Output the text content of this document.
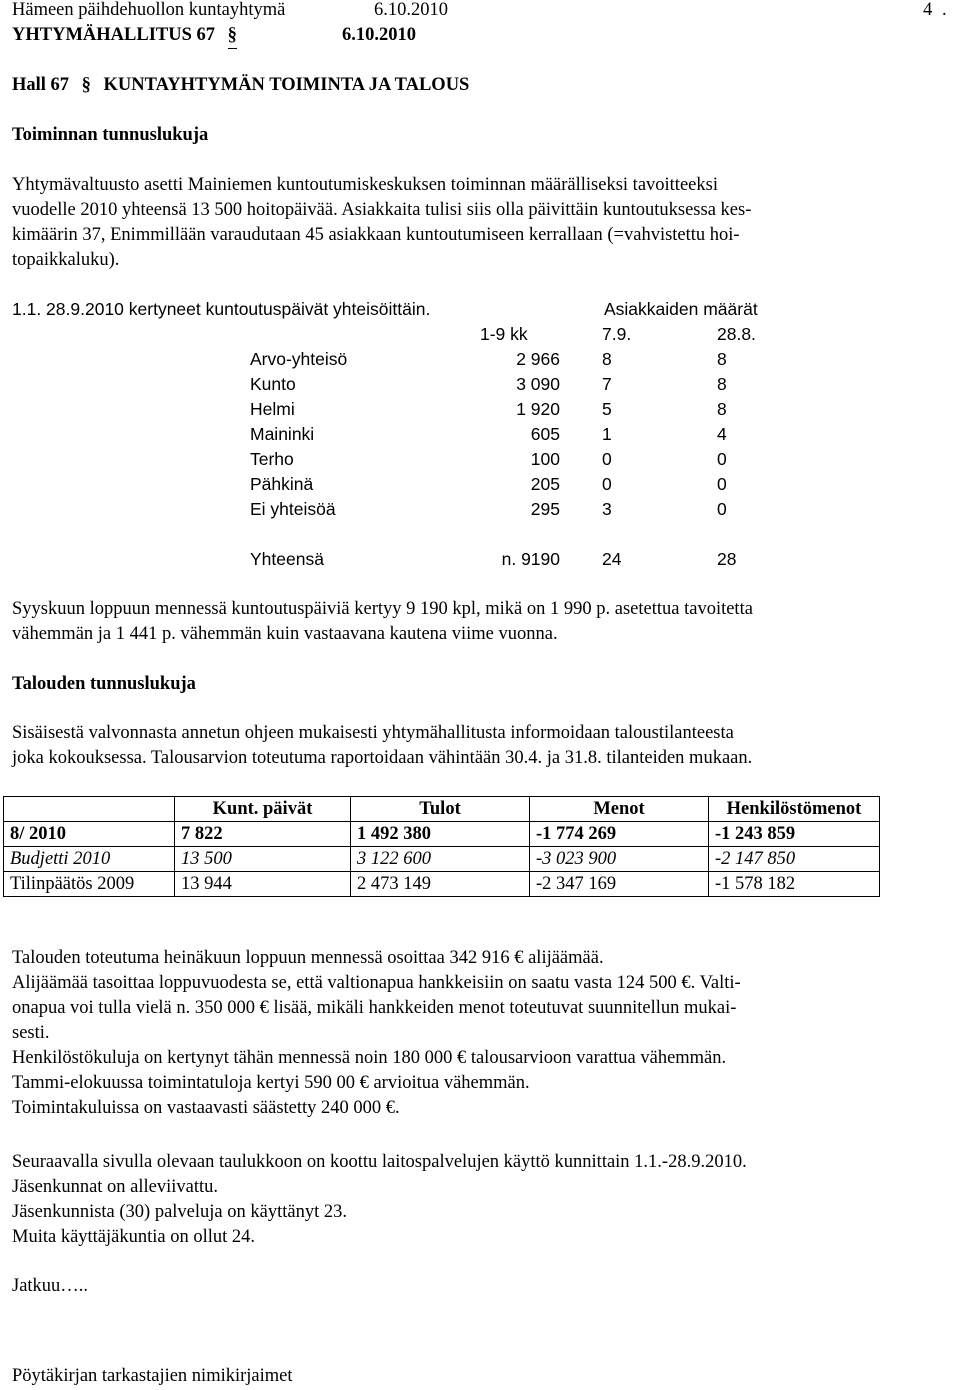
Hämeen päihdehuollon kuntayhtymä	6.10.2010	4 .
YHTYMÄHALLITUS 67 §	6.10.2010
Hall 67 § KUNTAYHTYMÄN TOIMINTA JA TALOUS
Toiminnan tunnuslukuja
Yhtymävaltuusto asetti Mainiemen kuntoutumiskeskuksen toiminnan määrälliseksi tavoitteeksi
vuodelle 2010 yhteensä 13 500 hoitopäivää. Asiakkaita tulisi siis olla päivittäin kuntoutuksessa kes-
kimäärin 37, Enimmillään varaudutaan 45 asiakkaan kuntoutumiseen kerrallaan (=vahvistettu hoi-
topaikkaluku).
1.1. 28.9.2010 kertyneet kuntoutuspäivät yhteisöittäin.	Asiakkaiden määrät
	1-9 kk	7.9.	28.8.
Arvo-yhteisö	2 966	8	8
Kunto	3 090	7	8
Helmi	1 920	5	8
Maininki	605	1	4
Terho	100	0	0
Pähkinä	205	0	0
Ei yhteisöä	295	3	0

Yhteensä	n. 9190	24	28
Syyskuun loppuun mennessä kuntoutuspäiviä kertyy 9 190 kpl, mikä on 1 990 p. asetettua tavoitetta
vähemmän ja 1 441 p. vähemmän kuin vastaavana kautena viime vuonna.
Talouden tunnuslukuja
Sisäisestä valvonnasta annetun ohjeen mukaisesti yhtymähallitusta informoidaan taloustilanteesta
joka kokouksessa. Talousarvion toteutuma raportoidaan vähintään 30.4. ja 31.8. tilanteiden mukaan.
	Kunt. päivät	Tulot	Menot	Henkilöstömenot
8/ 2010	7 822	1 492 380	-1 774 269	-1 243 859
Budjetti 2010	13 500	3 122 600	-3 023 900	-2 147 850
Tilinpäätös 2009	13 944	2 473 149	-2 347 169	-1 578 182
Talouden toteutuma heinäkuun loppuun mennessä osoittaa 342 916 € alijäämää.
Alijäämää tasoittaa loppuvuodesta se, että valtionapua hankkeisiin on saatu vasta 124 500 €. Valti-
onapua voi tulla vielä n. 350 000 € lisää, mikäli hankkeiden menot toteutuvat suunnitellun mukai-
sesti.
Henkilöstökuluja on kertynyt tähän mennessä noin 180 000 € talousarvioon varattua vähemmän.
Tammi-elokuussa toimintatuloja kertyi 590 00 € arvioitua vähemmän.
Toimintakuluissa on vastaavasti säästetty 240 000 €.
Seuraavalla sivulla olevaan taulukkoon on koottu laitospalvelujen käyttö kunnittain 1.1.-28.9.2010.
Jäsenkunnat on alleviivattu.
Jäsenkunnista (30) palveluja on käyttänyt 23.
Muita käyttäjäkuntia on ollut 24.
Jatkuu…..
Pöytäkirjan tarkastajien nimikirjaimet
